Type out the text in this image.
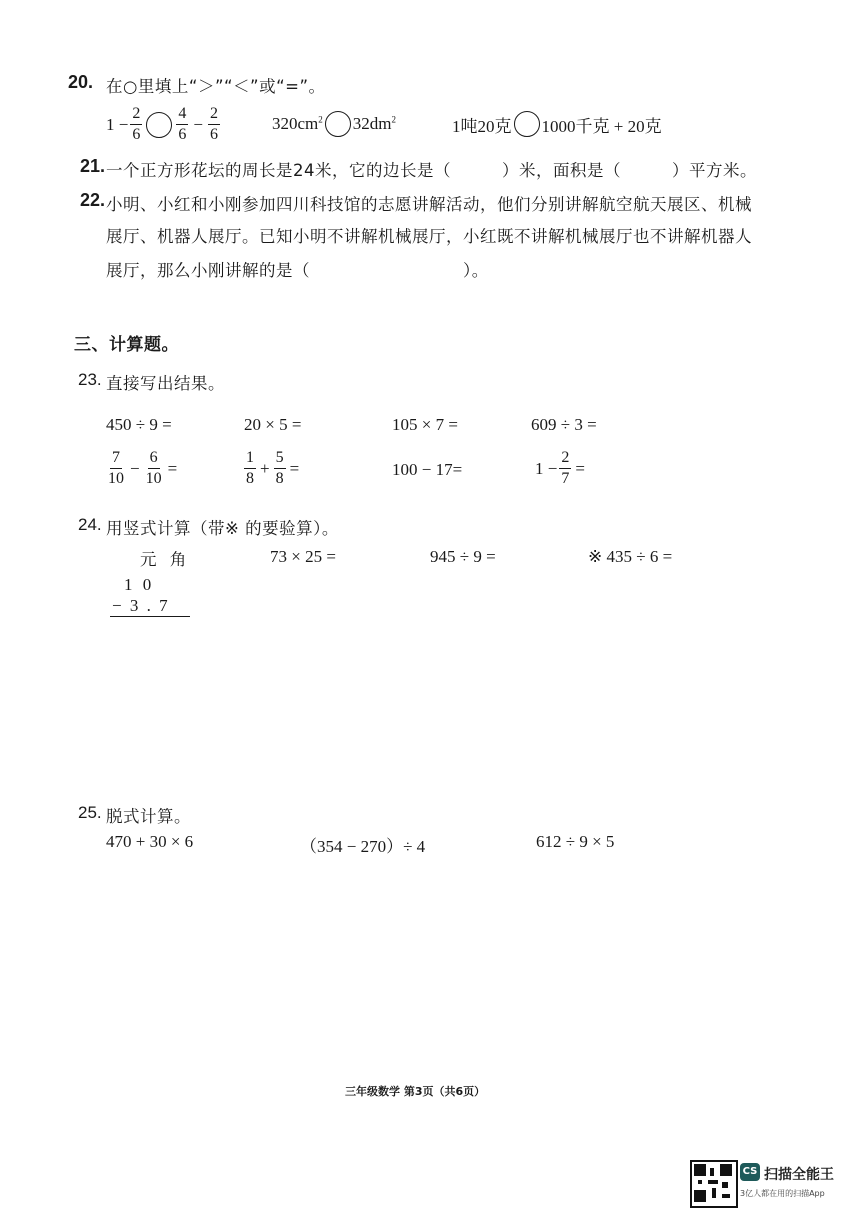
20. 在○里填上“＞”“＜”或“=”。
$1 - \frac{2}{6} \frac{4}{6} - \frac{2}{6}$	$320cm^2$ $32dm^2$	1吨20克 1000千克 + 20克
21. 一个正方形花坛的周长是24米，它的边长是（　　　）米，面积是（　　　）平方米。
22. 小明、小红和小刚参加四川科技馆的志愿讲解活动，他们分别讲解航空航天展区、机械
展厅、机器人展厅。已知小明不讲解机械展厅，小红既不讲解机械展厅也不讲解机器人
展厅，那么小刚讲解的是（　　　　　　　　　）。
三、计算题。
23. 直接写出结果。
450 ÷ 9 =	20 × 5 =	105 × 7 =	609 ÷ 3 =
$\frac{7}{10} - \frac{6}{10}$ =	$\frac{1}{8} + \frac{5}{8}$ =	100 − 17=	$1 - \frac{2}{7}$ =
24. 用竖式计算（带※ 的要验算）。
元 角
1 0
− 3 . 7
73 × 25 =	945 ÷ 9 =	※ 435 ÷ 6 =
25. 脱式计算。
470 + 30 × 6	（354 − 270）÷ 4	612 ÷ 9 × 5
三年级数学 第3页（共6页）
CS 扫描全能王
3亿人都在用的扫描App
